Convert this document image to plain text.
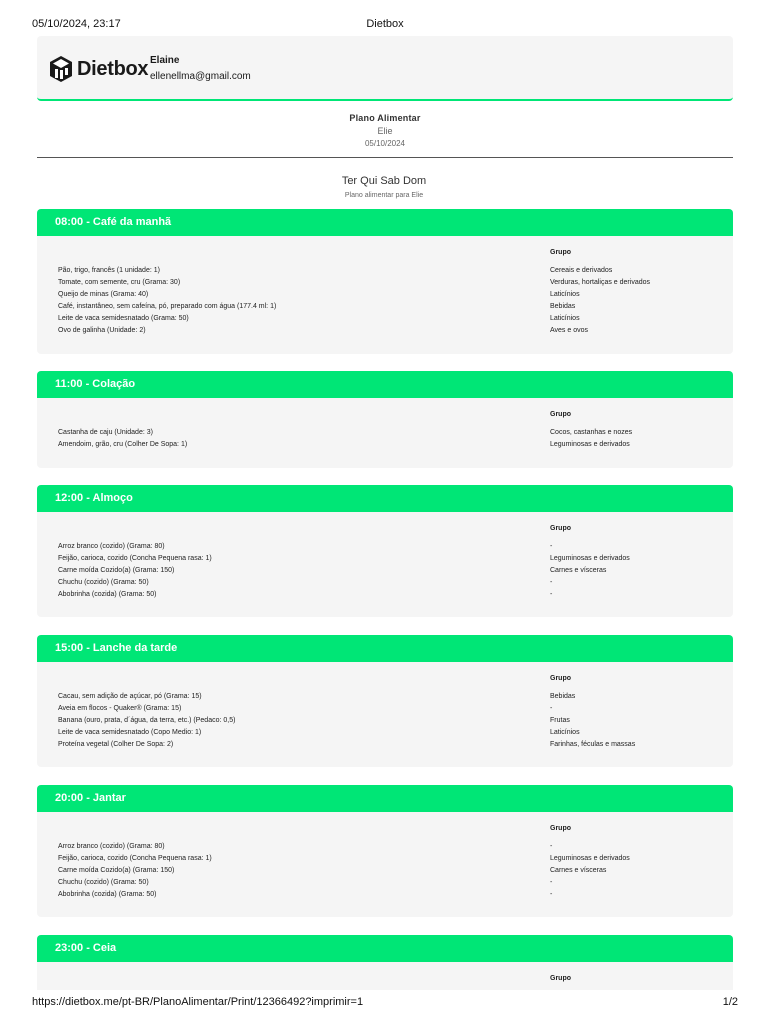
05/10/2024, 23:17	Dietbox
Dietbox Elaine
ellenellma@gmail.com
Plano Alimentar
Elie
05/10/2024
Ter Qui Sab Dom
Plano alimentar para Elie
08:00 - Café da manhã
Grupo
Pão, trigo, francês (1 unidade: 1)	Cereais e derivados
Tomate, com semente, cru (Grama: 30)	Verduras, hortaliças e derivados
Queijo de minas (Grama: 40)	Laticínios
Café, instantâneo, sem cafeína, pó, preparado com água (177.4 ml: 1)	Bebidas
Leite de vaca semidesnatado (Grama: 50)	Laticínios
Ovo de galinha (Unidade: 2)	Aves e ovos
11:00 - Colação
Grupo
Castanha de caju (Unidade: 3)	Cocos, castanhas e nozes
Amendoim, grão, cru (Colher De Sopa: 1)	Leguminosas e derivados
12:00 - Almoço
Grupo
Arroz branco (cozido) (Grama: 80)	-
Feijão, carioca, cozido (Concha Pequena rasa: 1)	Leguminosas e derivados
Carne moída Cozido(a) (Grama: 150)	Carnes e vísceras
Chuchu (cozido) (Grama: 50)	-
Abobrinha (cozida) (Grama: 50)	-
15:00 - Lanche da tarde
Grupo
Cacau, sem adição de açúcar, pó (Grama: 15)	Bebidas
Aveia em flocos - Quaker® (Grama: 15)	-
Banana (ouro, prata, d´água, da terra, etc.) (Pedaco: 0,5)	Frutas
Leite de vaca semidesnatado (Copo Medio: 1)	Laticínios
Proteína vegetal (Colher De Sopa: 2)	Farinhas, féculas e massas
20:00 - Jantar
Grupo
Arroz branco (cozido) (Grama: 80)	-
Feijão, carioca, cozido (Concha Pequena rasa: 1)	Leguminosas e derivados
Carne moída Cozido(a) (Grama: 150)	Carnes e vísceras
Chuchu (cozido) (Grama: 50)	-
Abobrinha (cozida) (Grama: 50)	-
23:00 - Ceia
Grupo
https://dietbox.me/pt-BR/PlanoAlimentar/Print/12366492?imprimir=1	1/2
